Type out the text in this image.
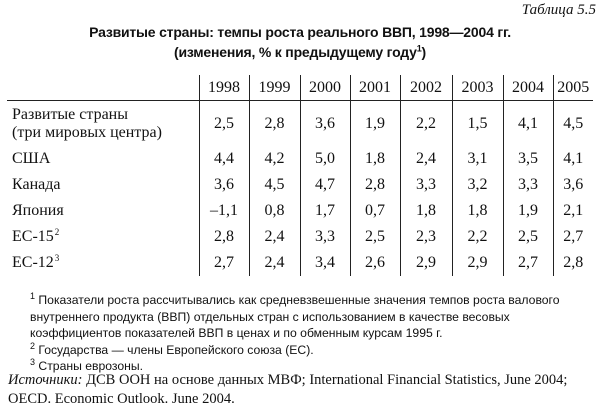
Таблица 5.5
Развитые страны: темпы роста реального ВВП, 1998—2004 гг.
(изменения, % к предыдущему году$^1$)
	1998	1999	2000	2001	2002	2003	2004	2005

Развитые страны
(три мировых центра)	2,5	2,8	3,6	1,9	2,2	1,5	4,1	4,5
США	4,4	4,2	5,0	1,8	2,4	3,1	3,5	4,1
Канада	3,6	4,5	4,7	2,8	3,3	3,2	3,3	3,6
Япония	–1,1	0,8	1,7	0,7	1,8	1,8	1,9	2,1
$ЕС-15^2$	2,8	2,4	3,3	2,5	2,3	2,2	2,5	2,7
$ЕС-12^3$	2,7	2,4	3,4	2,6	2,9	2,9	2,7	2,8

$^1$ Показатели роста рассчитывались как средневзвешенные значения темпов роста валового внутреннего продукта (ВВП) отдельных стран с использованием в качестве весовых коэффициентов показателей ВВП в ценах и по обменным курсам 1995 г.

$^2$ Государства — члены Европейского союза (ЕС).

$^3$ Страны еврозоны.

Источники: ДСВ ООН на основе данных МВФ; International Financial Statistics, June 2004; OECD. Economic Outlook. June 2004.
